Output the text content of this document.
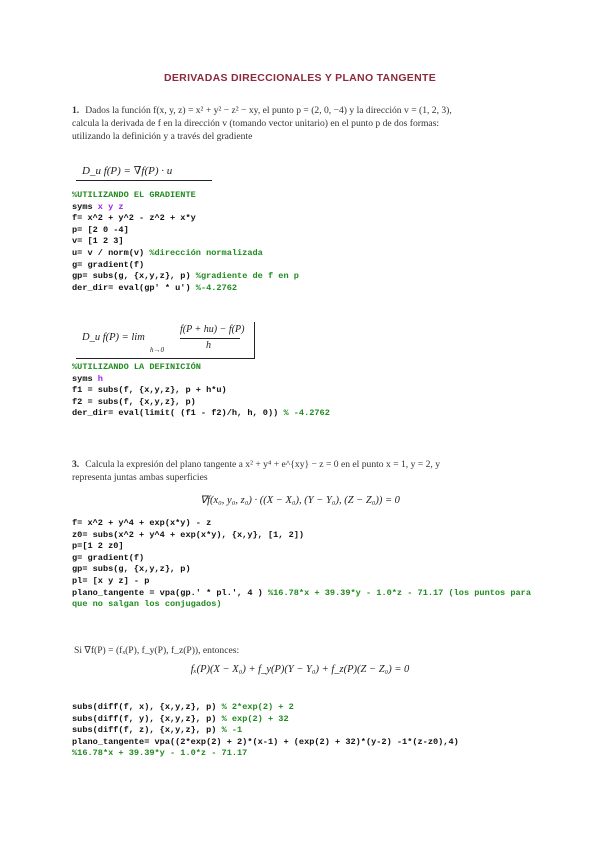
DERIVADAS DIRECCIONALES Y PLANO TANGENTE
1. Dados la función f(x, y, z) = x² + y² − z² − xy, el punto p = (2, 0, −4) y la dirección v = (1, 2, 3),
calcula la derivada de f en la dirección v (tomando vector unitario) en el punto p de dos formas:
utilizando la definición y a través del gradiente
D_u f(P) = ∇f(P) · u⃗
%UTILIZANDO EL GRADIENTE
syms x y z
f= x^2 + y^2 - z^2 + x*y
p= [2 0 -4]
v= [1 2 3]
u= v / norm(v) %dirección normalizada
g= gradient(f)
gp= subs(g, {x,y,z}, p) %gradiente de f en p
der_dir= eval(gp' * u') %-4.2762
D_u f(P) = lim
h→0
f(P + hu) − f(P)
h
%UTILIZANDO LA DEFINICIÓN
syms h
f1 = subs(f, {x,y,z}, p + h*u)
f2 = subs(f, {x,y,z}, p)
der_dir= eval(limit( (f1 - f2)/h, h, 0)) % -4.2762
3. Calcula la expresión del plano tangente a x² + y⁴ + e^{xy} − z = 0 en el punto x = 1, y = 2, y
representa juntas ambas superficies
∇f(x₀, y₀, z₀) · ((X − X₀), (Y − Y₀), (Z − Z₀)) = 0
f= x^2 + y^4 + exp(x*y) - z
z0= subs(x^2 + y^4 + exp(x*y), {x,y}, [1, 2])
p=[1 2 z0]
g= gradient(f)
gp= subs(g, {x,y,z}, p)
pl= [x y z] - p
plano_tangente = vpa(gp.' * pl.', 4 ) %16.78*x + 39.39*y - 1.0*z - 71.17 (los puntos para que no salgan los conjugados)
Si ∇f(P) = (fₓ(P), f_y(P), f_z(P)), entonces:
fₓ(P)(X − X₀) + f_y(P)(Y − Y₀) + f_z(P)(Z − Z₀) = 0
subs(diff(f, x), {x,y,z}, p) % 2*exp(2) + 2
subs(diff(f, y), {x,y,z}, p) % exp(2) + 32
subs(diff(f, z), {x,y,z}, p) % -1
plano_tangente= vpa((2*exp(2) + 2)*(x-1) + (exp(2) + 32)*(y-2) -1*(z-z0),4)
%16.78*x + 39.39*y - 1.0*z - 71.17
